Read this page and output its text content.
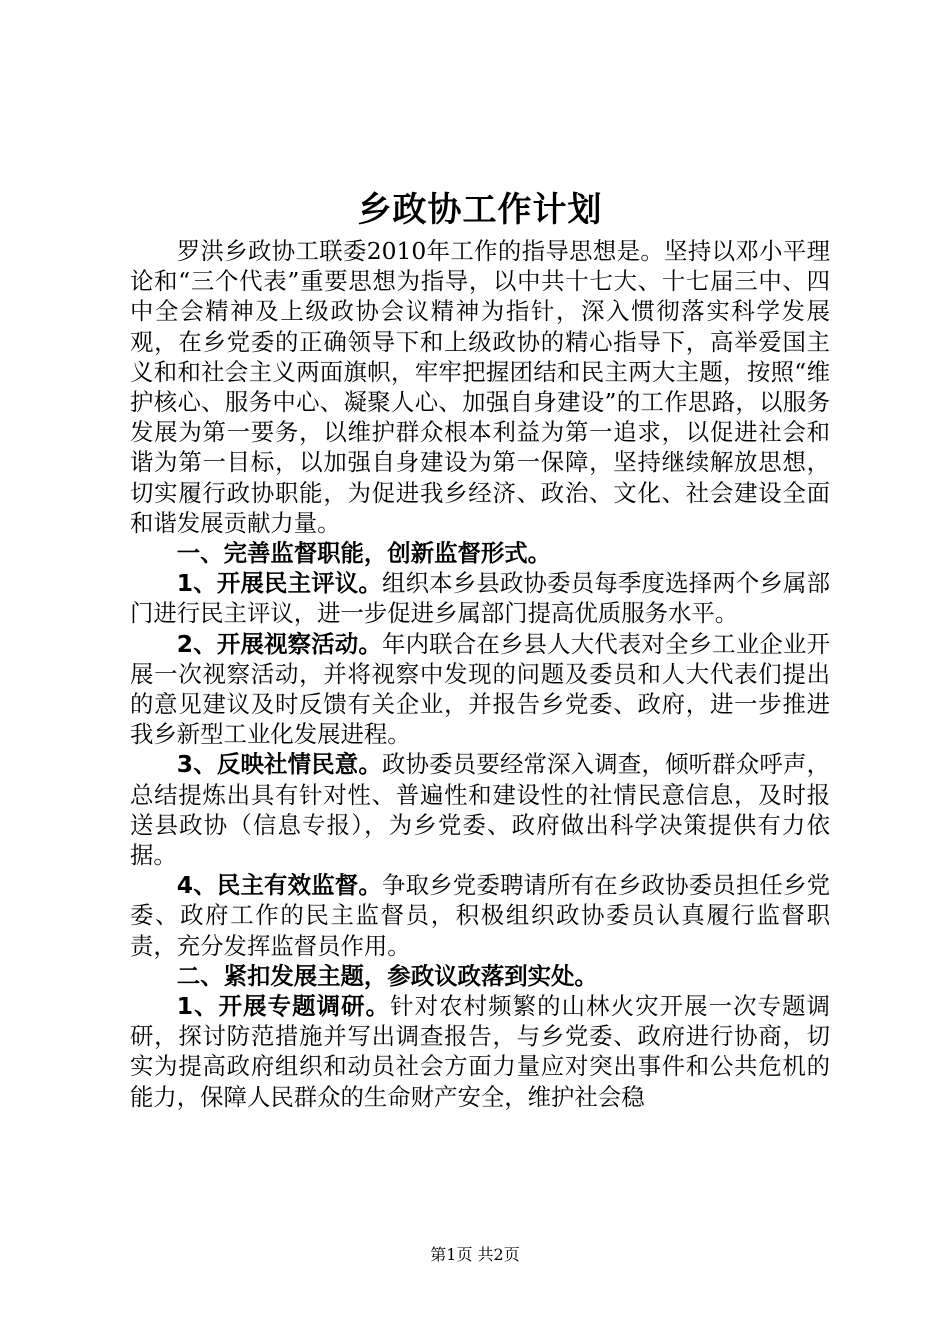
乡政协工作计划

罗洪乡政协工联委2010年工作的指导思想是。坚持以邓小平理论和“三个代表”重要思想为指导，以中共十七大、十七届三中、四中全会精神及上级政协会议精神为指针，深入惯彻落实科学发展观，在乡党委的正确领导下和上级政协的精心指导下，高举爱国主义和和社会主义两面旗帜，牢牢把握团结和民主两大主题，按照“维护核心、服务中心、凝聚人心、加强自身建设”的工作思路，以服务发展为第一要务，以维护群众根本利益为第一追求，以促进社会和谐为第一目标，以加强自身建设为第一保障，坚持继续解放思想，切实履行政协职能，为促进我乡经济、政治、文化、社会建设全面和谐发展贡献力量。

一、完善监督职能，创新监督形式。

1、开展民主评议。组织本乡县政协委员每季度选择两个乡属部门进行民主评议，进一步促进乡属部门提高优质服务水平。

2、开展视察活动。年内联合在乡县人大代表对全乡工业企业开展一次视察活动，并将视察中发现的问题及委员和人大代表们提出的意见建议及时反馈有关企业，并报告乡党委、政府，进一步推进我乡新型工业化发展进程。

3、反映社情民意。政协委员要经常深入调查，倾听群众呼声，总结提炼出具有针对性、普遍性和建设性的社情民意信息，及时报送县政协（信息专报），为乡党委、政府做出科学决策提供有力依据。

4、民主有效监督。争取乡党委聘请所有在乡政协委员担任乡党委、政府工作的民主监督员，积极组织政协委员认真履行监督职责，充分发挥监督员作用。

二、紧扣发展主题，参政议政落到实处。

1、开展专题调研。针对农村频繁的山林火灾开展一次专题调研，探讨防范措施并写出调查报告，与乡党委、政府进行协商，切实为提高政府组织和动员社会方面力量应对突出事件和公共危机的能力，保障人民群众的生命财产安全，维护社会稳

第1页 共2页
